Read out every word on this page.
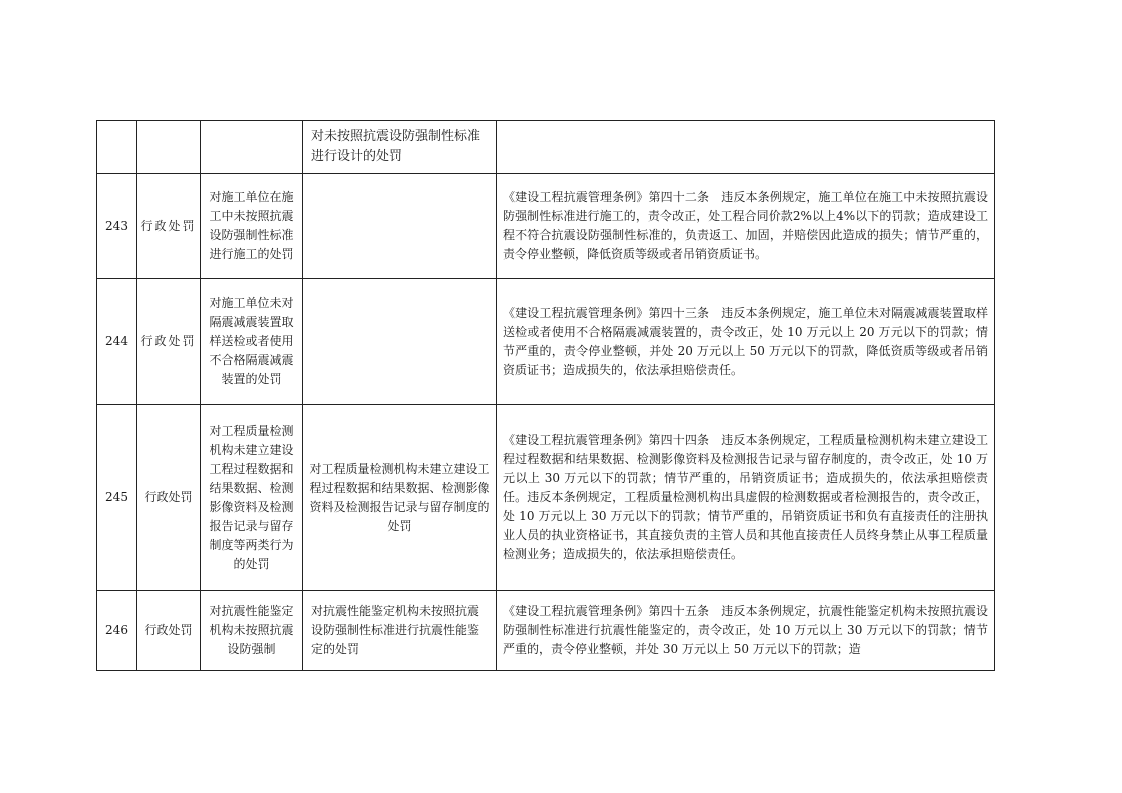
			对未按照抗震设防强制性标准进行设计的处罚	
243	行政处罚	对施工单位在施工中未按照抗震设防强制性标准进行施工的处罚		《建设工程抗震管理条例》第四十二条　违反本条例规定，施工单位在施工中未按照抗震设防强制性标准进行施工的，责令改正，处工程合同价款2%以上4%以下的罚款；造成建设工程不符合抗震设防强制性标准的，负责返工、加固，并赔偿因此造成的损失；情节严重的，责令停业整顿，降低资质等级或者吊销资质证书。
244	行政处罚	对施工单位未对隔震减震装置取样送检或者使用不合格隔震减震装置的处罚		《建设工程抗震管理条例》第四十三条　违反本条例规定，施工单位未对隔震减震装置取样送检或者使用不合格隔震减震装置的，责令改正，处 10 万元以上 20 万元以下的罚款；情节严重的，责令停业整顿，并处 20 万元以上 50 万元以下的罚款，降低资质等级或者吊销资质证书；造成损失的，依法承担赔偿责任。
245	行政处罚	对工程质量检测机构未建立建设工程过程数据和结果数据、检测影像资料及检测报告记录与留存制度等两类行为的处罚	对工程质量检测机构未建立建设工程过程数据和结果数据、检测影像资料及检测报告记录与留存制度的处罚	《建设工程抗震管理条例》第四十四条　违反本条例规定，工程质量检测机构未建立建设工程过程数据和结果数据、检测影像资料及检测报告记录与留存制度的，责令改正，处 10 万元以上 30 万元以下的罚款；情节严重的，吊销资质证书；造成损失的，依法承担赔偿责任。违反本条例规定，工程质量检测机构出具虚假的检测数据或者检测报告的，责令改正，处 10 万元以上 30 万元以下的罚款；情节严重的，吊销资质证书和负有直接责任的注册执业人员的执业资格证书，其直接负责的主管人员和其他直接责任人员终身禁止从事工程质量检测业务；造成损失的，依法承担赔偿责任。
246	行政处罚	对抗震性能鉴定机构未按照抗震设防强制	对抗震性能鉴定机构未按照抗震设防强制性标准进行抗震性能鉴定的处罚	《建设工程抗震管理条例》第四十五条　违反本条例规定，抗震性能鉴定机构未按照抗震设防强制性标准进行抗震性能鉴定的，责令改正，处 10 万元以上 30 万元以下的罚款；情节严重的，责令停业整顿，并处 30 万元以上 50 万元以下的罚款；造
